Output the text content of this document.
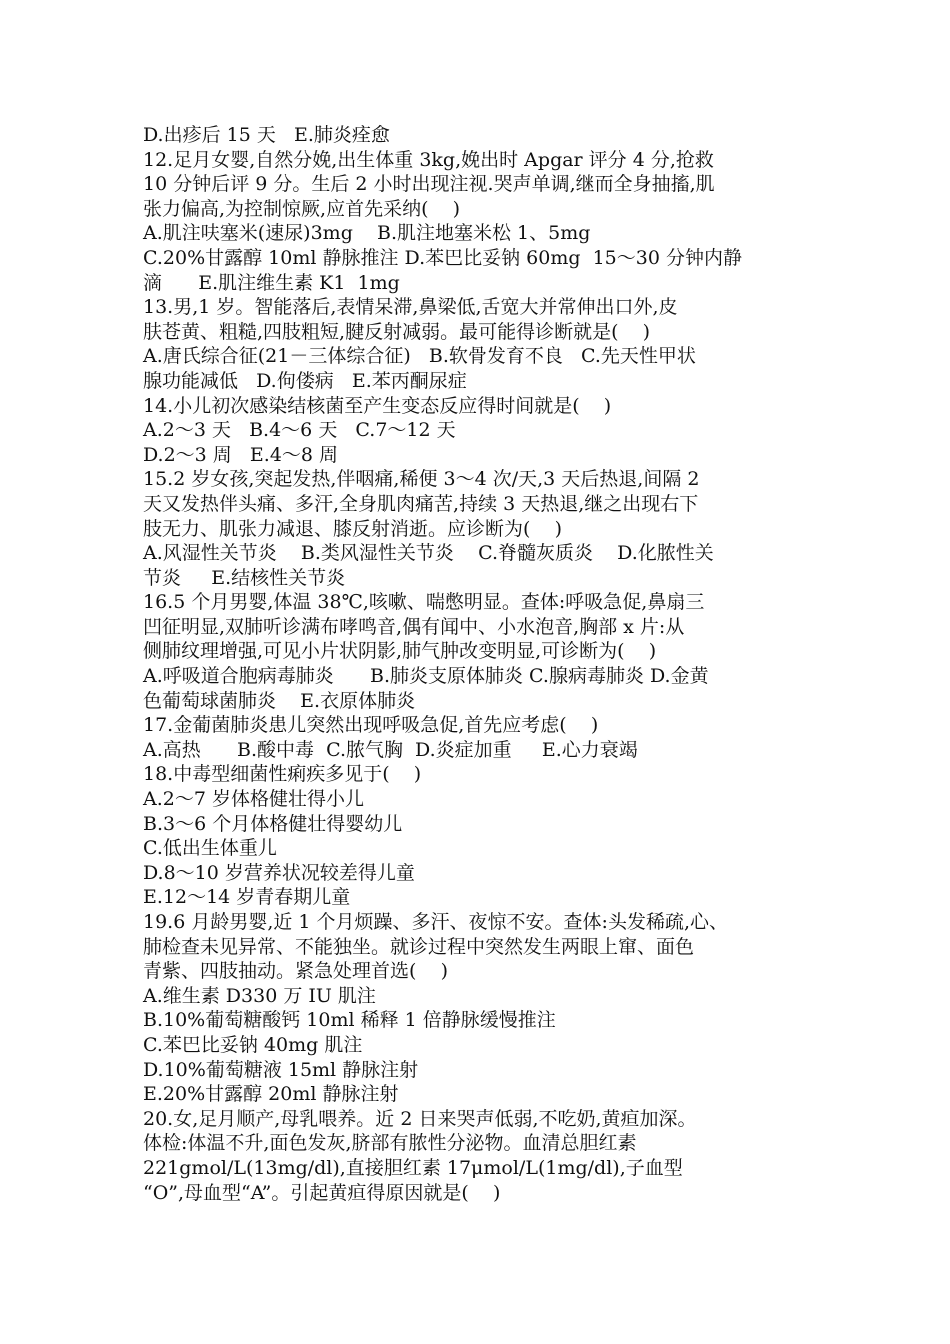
D.出疹后 15 天   E.肺炎痊愈
12.足月女婴,自然分娩,出生体重 3kg,娩出时 Apgar 评分 4 分,抢救
10 分钟后评 9 分。生后 2 小时出现注视.哭声单调,继而全身抽搐,肌
张力偏高,为控制惊厥,应首先采纳(    )
A.肌注呋塞米(速尿)3mg    B.肌注地塞米松 1、5mg
C.20%甘露醇 10ml 静脉推注 D.苯巴比妥钠 60mg  15～30 分钟内静
滴      E.肌注维生素 K1  1mg
13.男,1 岁。智能落后,表情呆滞,鼻梁低,舌宽大并常伸出口外,皮
肤苍黄、粗糙,四肢粗短,腱反射减弱。最可能得诊断就是(    )
A.唐氏综合征(21－三体综合征)   B.软骨发育不良   C.先天性甲状
腺功能减低   D.佝偻病   E.苯丙酮尿症
14.小儿初次感染结核菌至产生变态反应得时间就是(    )
A.2～3 天   B.4～6 天   C.7～12 天
D.2～3 周   E.4～8 周
15.2 岁女孩,突起发热,伴咽痛,稀便 3～4 次/天,3 天后热退,间隔 2
天又发热伴头痛、多汗,全身肌肉痛苦,持续 3 天热退,继之出现右下
肢无力、肌张力减退、膝反射消逝。应诊断为(    )
A.风湿性关节炎    B.类风湿性关节炎    C.脊髓灰质炎    D.化脓性关
节炎     E.结核性关节炎
16.5 个月男婴,体温 38℃,咳嗽、喘憋明显。查体:呼吸急促,鼻扇三
凹征明显,双肺听诊满布哮鸣音,偶有闻中、小水泡音,胸部 x 片:从
侧肺纹理增强,可见小片状阴影,肺气肿改变明显,可诊断为(    )
A.呼吸道合胞病毒肺炎      B.肺炎支原体肺炎 C.腺病毒肺炎 D.金黄
色葡萄球菌肺炎    E.衣原体肺炎
17.金葡菌肺炎患儿突然出现呼吸急促,首先应考虑(    )
A.高热      B.酸中毒  C.脓气胸  D.炎症加重     E.心力衰竭
18.中毒型细菌性痢疾多见于(    )
A.2～7 岁体格健壮得小儿
B.3～6 个月体格健壮得婴幼儿
C.低出生体重儿
D.8～10 岁营养状况较差得儿童
E.12～14 岁青春期儿童
19.6 月龄男婴,近 1 个月烦躁、多汗、夜惊不安。查体:头发稀疏,心、
肺检查未见异常、不能独坐。就诊过程中突然发生两眼上窜、面色
青紫、四肢抽动。紧急处理首选(    )
A.维生素 D330 万 IU 肌注
B.10%葡萄糖酸钙 10ml 稀释 1 倍静脉缓慢推注
C.苯巴比妥钠 40mg 肌注
D.10%葡萄糖液 15ml 静脉注射
E.20%甘露醇 20ml 静脉注射
20.女,足月顺产,母乳喂养。近 2 日来哭声低弱,不吃奶,黄疸加深。
体检:体温不升,面色发灰,脐部有脓性分泌物。血清总胆红素
221gmol/L(13mg/dl),直接胆红素 17μmol/L(1mg/dl),子血型
“O”,母血型“A”。引起黄疸得原因就是(    )
